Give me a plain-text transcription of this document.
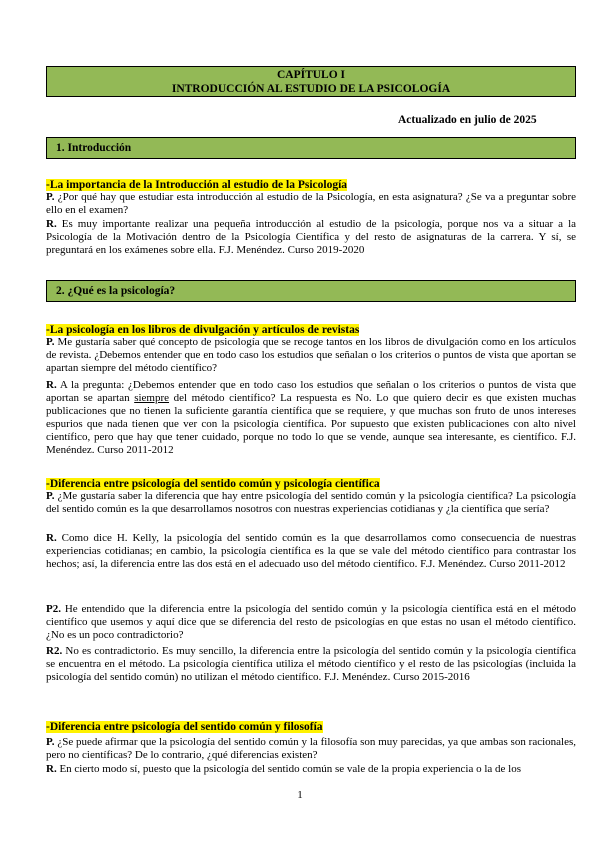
CAPÍTULO I
INTRODUCCIÓN AL ESTUDIO DE LA PSICOLOGÍA
Actualizado en julio de 2025
1. Introducción
-La importancia de la Introducción al estudio de la Psicología
P. ¿Por qué hay que estudiar esta introducción al estudio de la Psicología, en esta asignatura? ¿Se va a preguntar sobre ello en el examen?
R. Es muy importante realizar una pequeña introducción al estudio de la psicología, porque nos va a situar a la Psicología de la Motivación dentro de la Psicología Científica y del resto de asignaturas de la carrera. Y sí, se preguntará en los exámenes sobre ella. F.J. Menéndez. Curso 2019-2020
2. ¿Qué es la psicología?
-La psicología en los libros de divulgación y artículos de revistas
P. Me gustaría saber qué concepto de psicología que se recoge tantos en los libros de divulgación como en los artículos de revista. ¿Debemos entender que en todo caso los estudios que señalan o los criterios o puntos de vista que aportan se apartan siempre del método científico?
R. A la pregunta: ¿Debemos entender que en todo caso los estudios que señalan o los criterios o puntos de vista que aportan se apartan siempre del método científico? La respuesta es No. Lo que quiero decir es que existen muchas publicaciones que no tienen la suficiente garantía científica que se requiere, y que muchas son fruto de unos intereses espurios que nada tienen que ver con la psicología científica. Por supuesto que existen publicaciones con alto nivel científico, pero que hay que tener cuidado, porque no todo lo que se vende, aunque sea interesante, es científico. F.J. Menéndez. Curso 2011-2012
-Diferencia entre psicología del sentido común y psicología científica
P. ¿Me gustaría saber la diferencia que hay entre psicología del sentido común y la psicología científica? La psicología del sentido común es la que desarrollamos nosotros con nuestras experiencias cotidianas y ¿la científica que sería?
R. Como dice H. Kelly, la psicología del sentido común es la que desarrollamos como consecuencia de nuestras experiencias cotidianas; en cambio, la psicología científica es la que se vale del método científico para contrastar los hechos; así, la diferencia entre las dos está en el adecuado uso del método científico. F.J. Menéndez. Curso 2011-2012
P2. He entendido que la diferencia entre la psicología del sentido común y la psicología científica está en el método científico que usemos y aquí dice que se diferencia del resto de psicologías en que estas no usan el método científico. ¿No es un poco contradictorio?
R2. No es contradictorio. Es muy sencillo, la diferencia entre la psicología del sentido común y la psicología científica se encuentra en el método. La psicología científica utiliza el método científico y el resto de las psicologías (incluida la psicología del sentido común) no utilizan el método científico. F.J. Menéndez. Curso 2015-2016
-Diferencia entre psicología del sentido común y filosofía
P. ¿Se puede afirmar que la psicología del sentido común y la filosofía son muy parecidas, ya que ambas son racionales, pero no científicas? De lo contrario, ¿qué diferencias existen?
R. En cierto modo sí, puesto que la psicología del sentido común se vale de la propia experiencia o la de los
1
